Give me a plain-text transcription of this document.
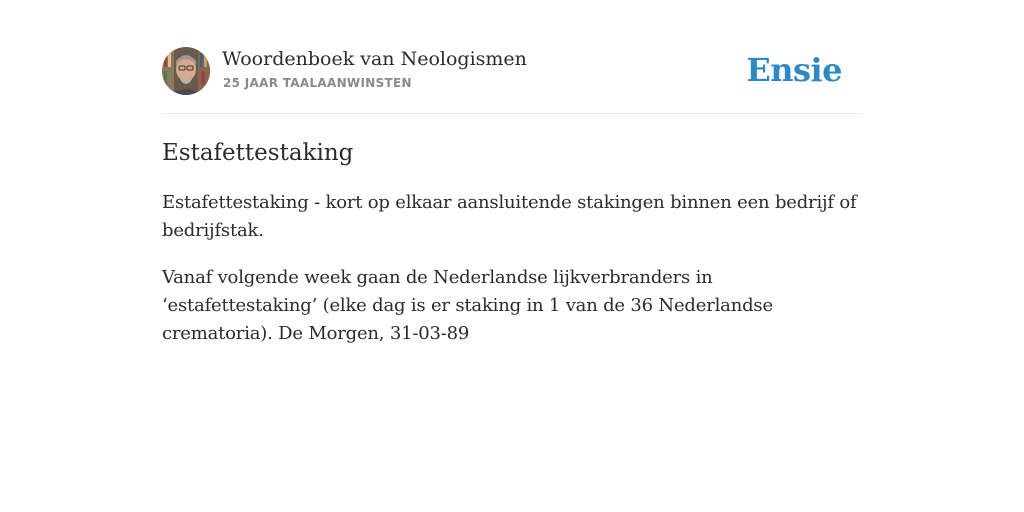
Woordenboek van Neologismen
25 JAAR TAALAANWINSTEN	Ensie
Estafettestaking

Estafettestaking - kort op elkaar aansluitende stakingen binnen een bedrijf of bedrijfstak.

Vanaf volgende week gaan de Nederlandse lijkverbranders in ‘estafettestaking’ (elke dag is er staking in 1 van de 36 Nederlandse crematoria). De Morgen, 31-03-89
